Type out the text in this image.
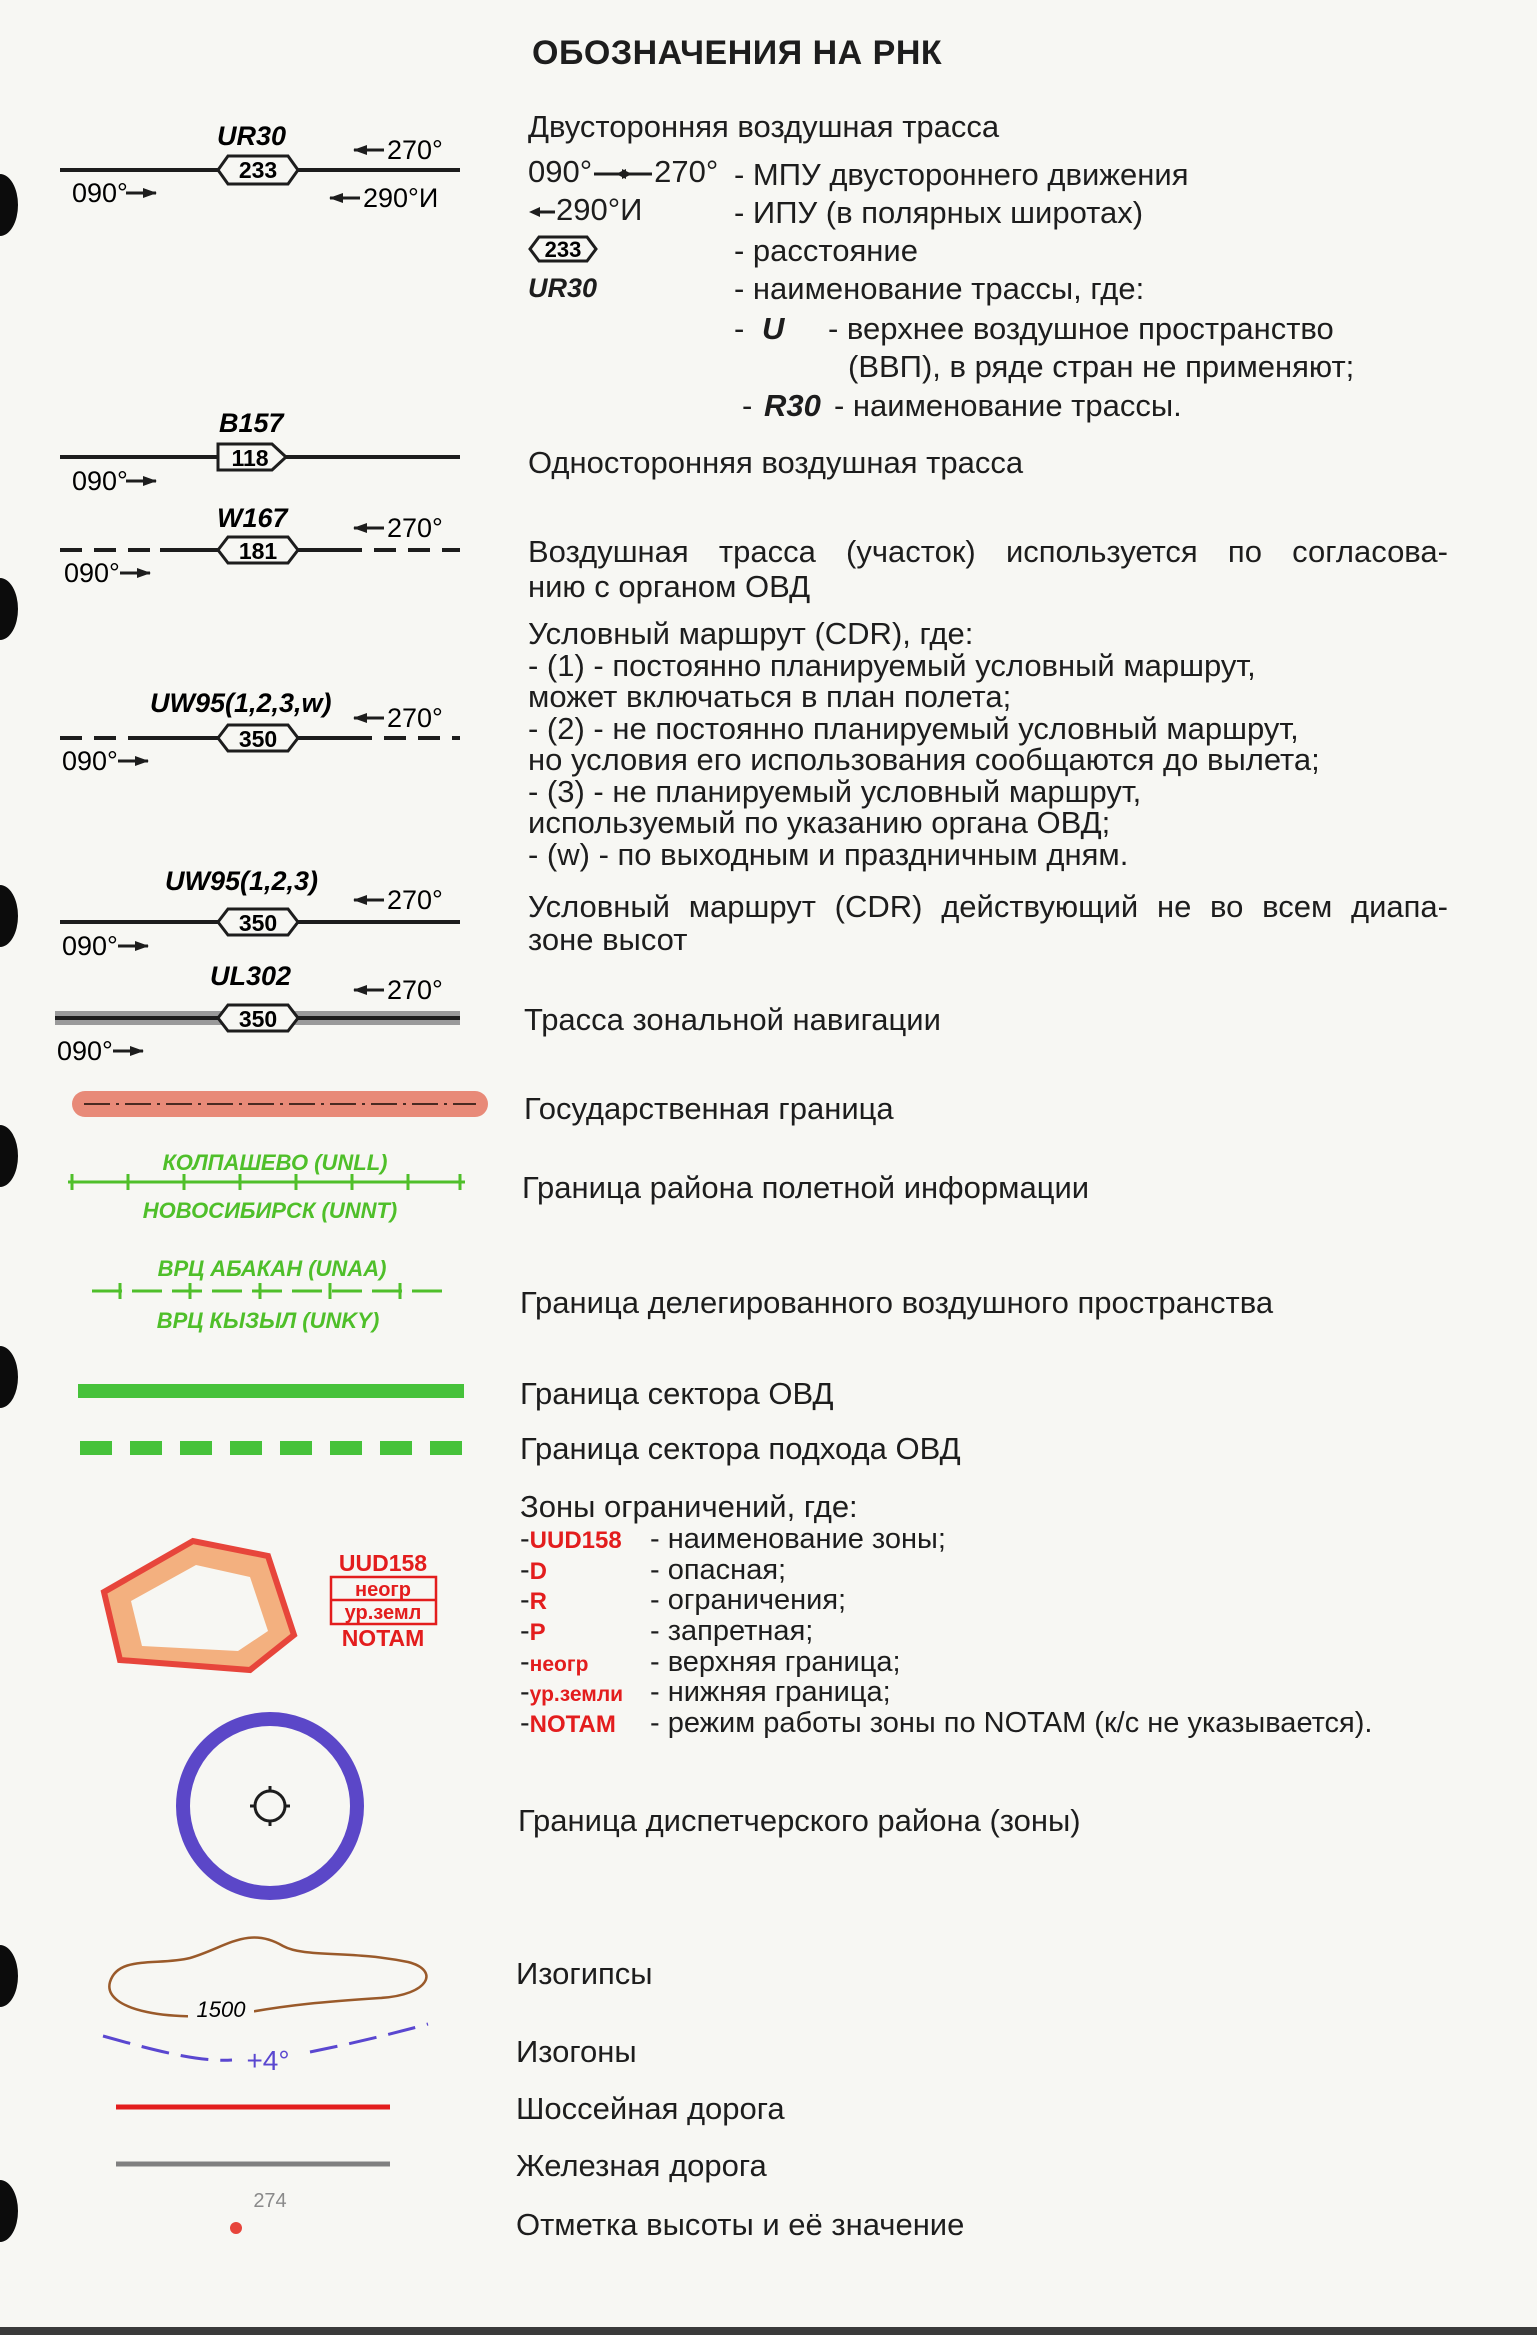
ОБОЗНАЧЕНИЯ НА РНК
UR30
233
090°
270°
290°И
B157
118
090°
W167
181
090°
270°
UW95(1,2,3,w)
350
090°
270°
UW95(1,2,3)
350
090°
270°
UL302
350
090°
270°
КОЛПАШЕВО (UNLL)
НОВОСИБИРСК (UNNT)
ВРЦ АБАКАН (UNAA)
ВРЦ КЫЗЫЛ (UNKY)
UUD158
неогр
ур.земл
NOTAM
1500
+4°
274
Двусторонняя воздушная трасса
090° 270° - МПУ двустороннего движения
290°И	- ИПУ (в полярных широтах)
233	- расстояние
UR30	- наименование трассы, где:
- U - верхнее воздушное пространство
(ВВП), в ряде стран не применяют;
- R30 - наименование трассы.
Односторонняя воздушная трасса
Воздушная трасса (участок) используется по согласова-
нию с органом ОВД
Условный маршрут (CDR), где:
- (1) - постоянно планируемый условный маршрут,
может включаться в план полета;
- (2) - не постоянно планируемый условный маршрут,
но условия его использования сообщаются до вылета;
- (3) - не планируемый условный маршрут,
используемый по указанию органа ОВД;
- (w) - по выходным и праздничным дням.
Условный маршрут (CDR) действующий не во всем диапа-
зоне высот
Трасса зональной навигации
Государственная граница
Граница района полетной информации
Граница делегированного воздушного пространства
Граница сектора ОВД
Граница сектора подхода ОВД
Зоны ограничений, где:
-UUD158 - наименование зоны;
-D	- опасная;
-R	- ограничения;
-P	- запретная;
-неогр - верхняя граница;
-ур.земли - нижняя граница;
-NOTAM - режим работы зоны по NOTAM (к/с не указывается).
Граница диспетчерского района (зоны)
Изогипсы
Изогоны
Шоссейная дорога
Железная дорога
Отметка высоты и её значение
